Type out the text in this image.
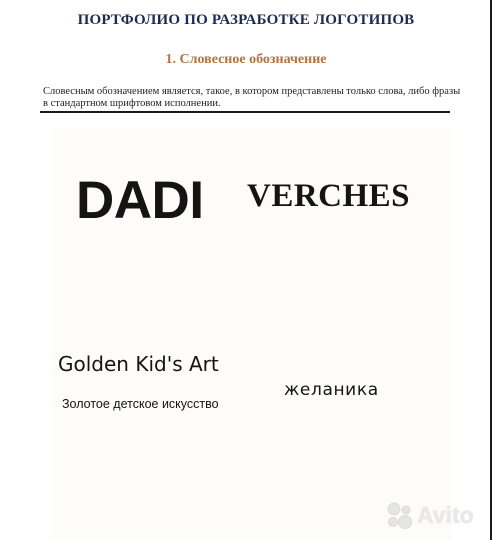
ПОРТФОЛИО ПО РАЗРАБОТКЕ ЛОГОТИПОВ
1. Словесное обозначение
Словесным обозначением является, такое, в котором представлены только слова, либо фразы
в стандартном шрифтовом исполнении.
DADI VERCHES
Golden Kid's Art
Золотое детское искусство
желаника
Avito
